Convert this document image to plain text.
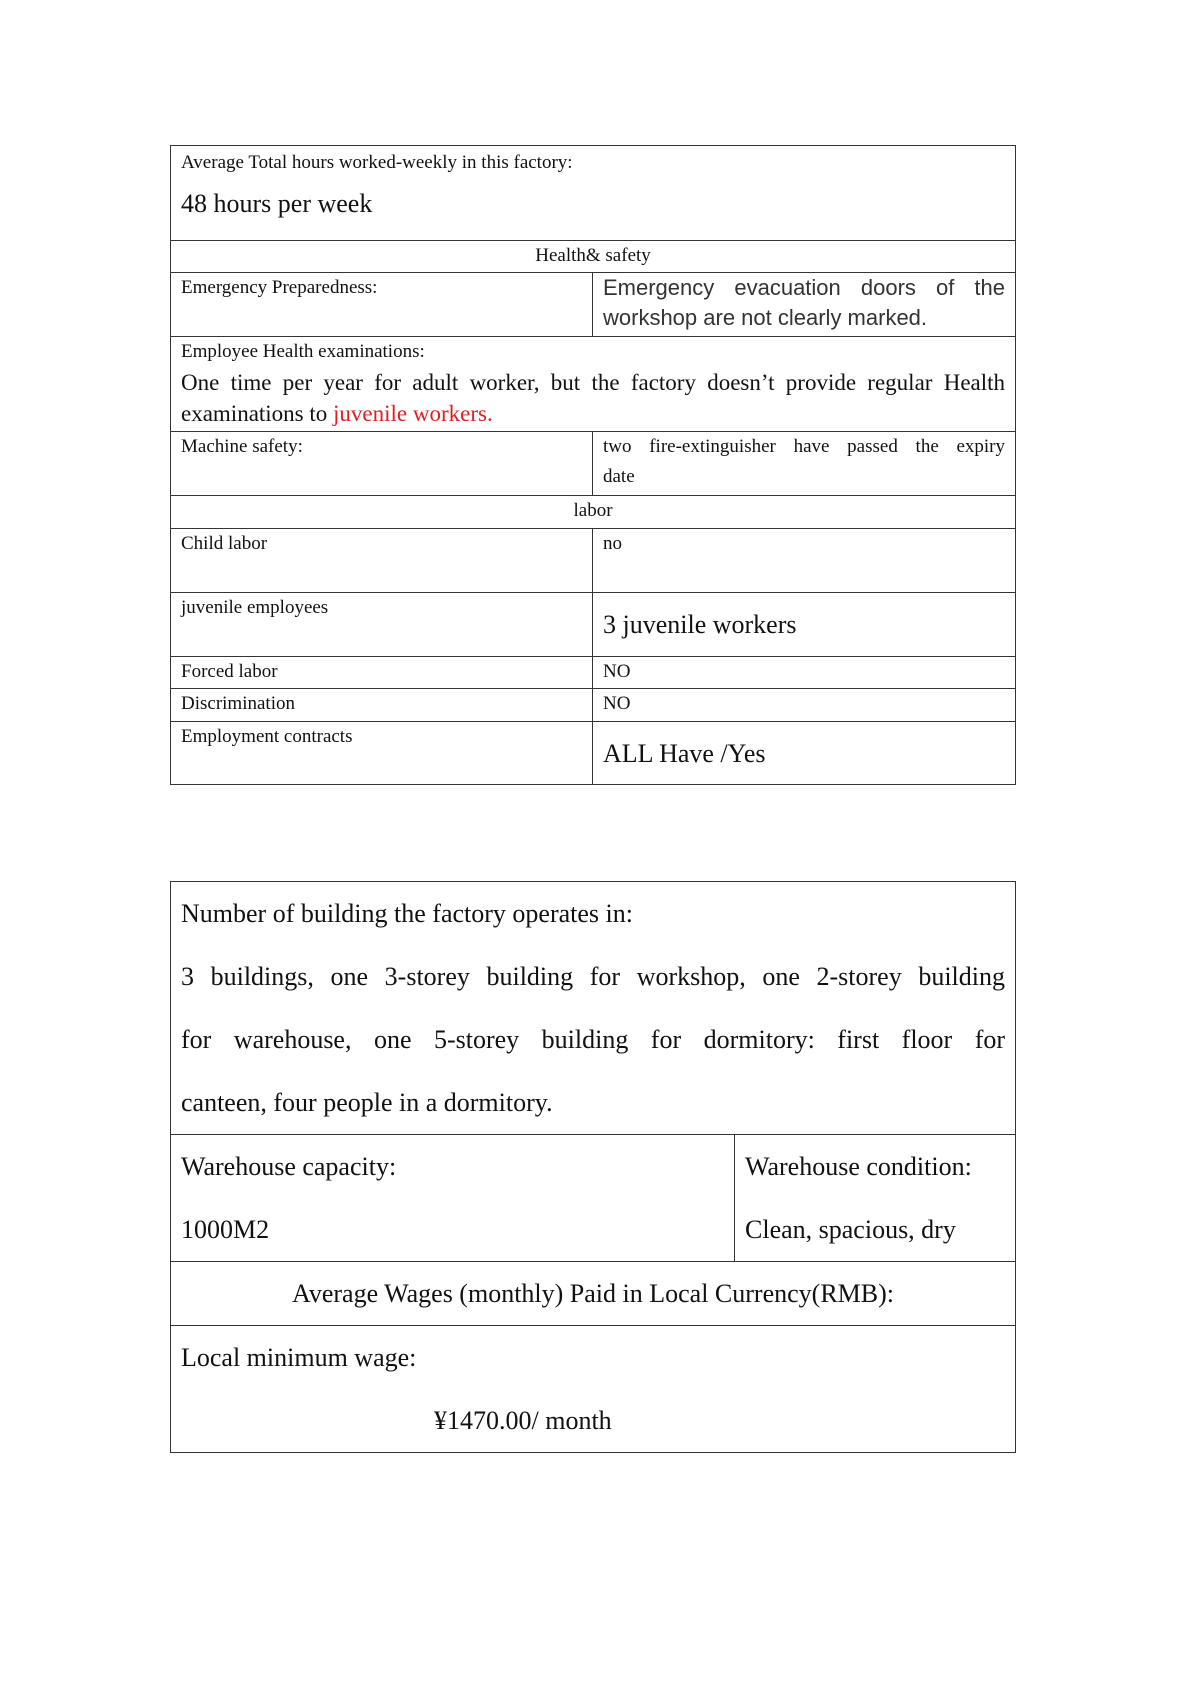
Average Total hours worked-weekly in this factory:
48 hours per week	

Health& safety	
Emergency Preparedness:	Emergency evacuation doors of the
workshop are not clearly marked.

Employee Health examinations:
One time per year for adult worker, but the factory doesn’t provide regular Health
examinations to juvenile workers.	

Machine safety:	two fire-extinguisher have passed the expiry
date

labor	
Child labor	no
juvenile employees	3 juvenile workers

Forced labor	NO
Discrimination	NO
Employment contracts	ALL Have /Yes
Number of building the factory operates in:
3 buildings, one 3-storey building for workshop, one 2-storey building
for warehouse, one 5-storey building for dormitory: first floor for
canteen, four people in a dormitory.

Warehouse capacity:
1000M2

Warehouse condition:
Clean, spacious, dry

Average Wages (monthly) Paid in Local Currency(RMB):

Local minimum wage:
¥1470.00/ month
